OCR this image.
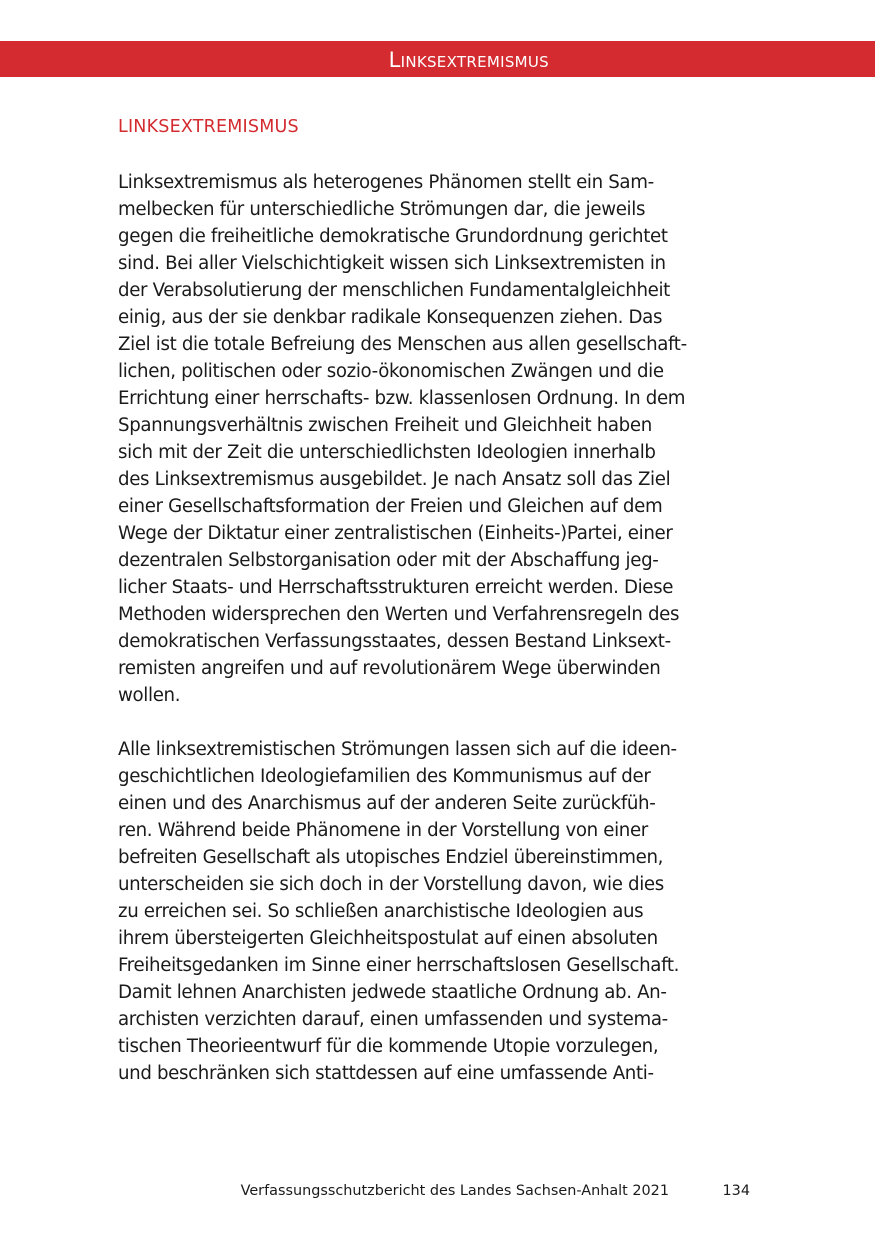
Linksextremismus
LINKSEXTREMISMUS

Linksextremismus als heterogenes Phänomen stellt ein Sam-
melbecken für unterschiedliche Strömungen dar, die jeweils
gegen die freiheitliche demokratische Grundordnung gerichtet
sind. Bei aller Vielschichtigkeit wissen sich Linksextremisten in
der Verabsolutierung der menschlichen Fundamentalgleichheit
einig, aus der sie denkbar radikale Konsequenzen ziehen. Das
Ziel ist die totale Befreiung des Menschen aus allen gesellschaft-
lichen, politischen oder sozio-ökonomischen Zwängen und die
Errichtung einer herrschafts- bzw. klassenlosen Ordnung. In dem
Spannungsverhältnis zwischen Freiheit und Gleichheit haben
sich mit der Zeit die unterschiedlichsten Ideologien innerhalb
des Linksextremismus ausgebildet. Je nach Ansatz soll das Ziel
einer Gesellschaftsformation der Freien und Gleichen auf dem
Wege der Diktatur einer zentralistischen (Einheits-)Partei, einer
dezentralen Selbstorganisation oder mit der Abschaffung jeg-
licher Staats- und Herrschaftsstrukturen erreicht werden. Diese
Methoden widersprechen den Werten und Verfahrensregeln des
demokratischen Verfassungsstaates, dessen Bestand Linksext-
remisten angreifen und auf revolutionärem Wege überwinden
wollen.

Alle linksextremistischen Strömungen lassen sich auf die ideen-
geschichtlichen Ideologiefamilien des Kommunismus auf der
einen und des Anarchismus auf der anderen Seite zurückfüh-
ren. Während beide Phänomene in der Vorstellung von einer
befreiten Gesellschaft als utopisches Endziel übereinstimmen,
unterscheiden sie sich doch in der Vorstellung davon, wie dies
zu erreichen sei. So schließen anarchistische Ideologien aus
ihrem übersteigerten Gleichheitspostulat auf einen absoluten
Freiheitsgedanken im Sinne einer herrschaftslosen Gesellschaft.
Damit lehnen Anarchisten jedwede staatliche Ordnung ab. An-
archisten verzichten darauf, einen umfassenden und systema-
tischen Theorieentwurf für die kommende Utopie vorzulegen,
und beschränken sich stattdessen auf eine umfassende Anti-

Verfassungsschutzbericht des Landes Sachsen-Anhalt 2021	134
